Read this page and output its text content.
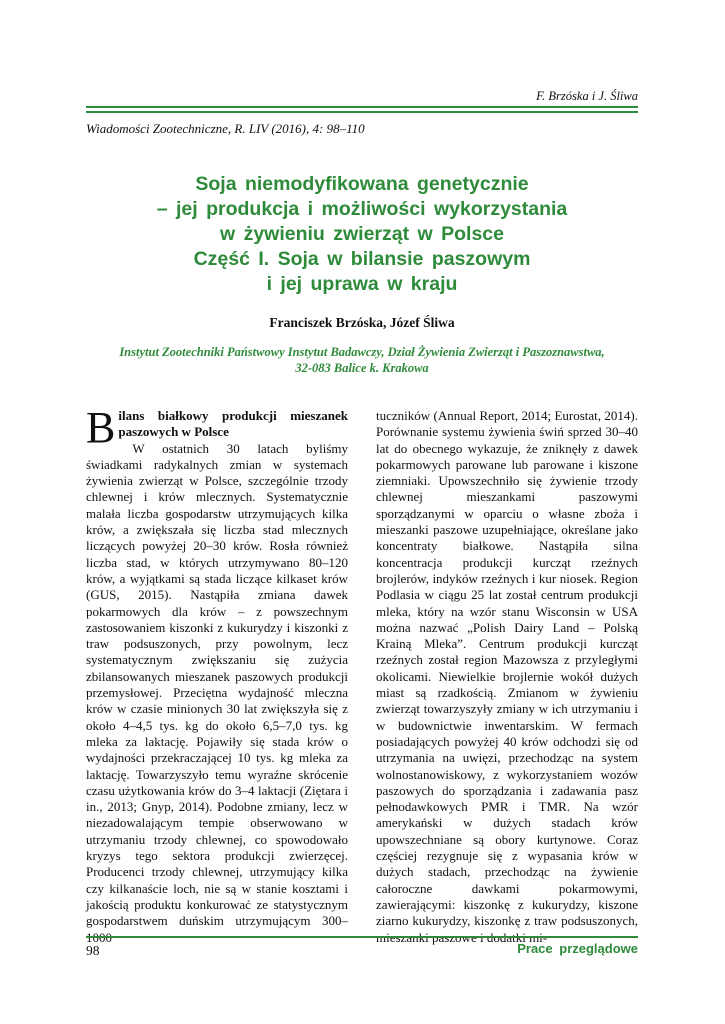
F. Brzóska i J. Śliwa
Wiadomości Zootechniczne, R. LIV (2016), 4: 98–110
Soja niemodyfikowana genetycznie
– jej produkcja i możliwości wykorzystania
w żywieniu zwierząt w Polsce
Część I. Soja w bilansie paszowym
i jej uprawa w kraju
Franciszek Brzóska, Józef Śliwa
Instytut Zootechniki Państwowy Instytut Badawczy, Dział Żywienia Zwierząt i Paszoznawstwa,
32-083 Balice k. Krakowa
B ilans białkowy produkcji mieszanek paszowych w Polsce

W ostatnich 30 latach byliśmy świadkami radykalnych zmian w systemach żywienia zwierząt w Polsce, szczególnie trzody chlewnej i krów mlecznych. Systematycznie malała liczba gospodarstw utrzymujących kilka krów, a zwiększała się liczba stad mlecznych liczących powyżej 20–30 krów. Rosła również liczba stad, w których utrzymywano 80–120 krów, a wyjątkami są stada liczące kilkaset krów (GUS, 2015). Nastąpiła zmiana dawek pokarmowych dla krów – z powszechnym zastosowaniem kiszonki z kukurydzy i kiszonki z traw podsuszonych, przy powolnym, lecz systematycznym zwiększaniu się zużycia zbilansowanych mieszanek paszowych produkcji przemysłowej. Przeciętna wydajność mleczna krów w czasie minionych 30 lat zwiększyła się z około 4–4,5 tys. kg do około 6,5–7,0 tys. kg mleka za laktację. Pojawiły się stada krów o wydajności przekraczającej 10 tys. kg mleka za laktację. Towarzyszyło temu wyraźne skrócenie czasu użytkowania krów do 3–4 laktacji (Ziętara i in., 2013; Gnyp, 2014). Podobne zmiany, lecz w niezadowalającym tempie obserwowano w utrzymaniu trzody chlewnej, co spowodowało kryzys tego sektora produkcji zwierzęcej. Producenci trzody chlewnej, utrzymujący kilka czy kilkanaście loch, nie są w stanie kosztami i jakością produktu konkurować ze statystycznym gospodarstwem duńskim utrzymującym 300–

tuczników (Annual Report, 2014; Eurostat, 2014). Porównanie systemu żywienia świń sprzed 30–40 lat do obecnego wykazuje, że zniknęły z dawek pokarmowych parowane lub parowane i kiszone ziemniaki. Upowszechniło się żywienie trzody chlewnej mieszankami paszowymi sporządzanymi w oparciu o własne zboża i mieszanki paszowe uzupełniające, określane jako koncentraty białkowe. Nastąpiła silna koncentracja produkcji kurcząt rzeźnych brojlerów, indyków rzeźnych i kur niosek. Region Podlasia w ciągu 25 lat został centrum produkcji mleka, który na wzór stanu Wisconsin w USA można nazwać „Polish Dairy Land – Polską Krainą Mleka”. Centrum produkcji kurcząt rzeźnych został region Mazowsza z przyległymi okolicami. Niewielkie brojlernie wokół dużych miast są rzadkością. Zmianom w żywieniu zwierząt towarzyszyły zmiany w ich utrzymaniu i w budownictwie inwentarskim. W fermach posiadających powyżej 40 krów odchodzi się od utrzymania na uwięzi, przechodząc na system wolnostanowiskowy, z wykorzystaniem wozów paszowych do sporządzania i zadawania pasz pełnodawkowych PMR i TMR. Na wzór amerykański w dużych stadach krów upowszechniane są obory kurtynowe. Coraz częściej rezygnuje się z wypasania krów w dużych stadach, przechodząc na żywienie całoroczne dawkami pokarmowymi, zawierającymi: kiszonkę z kukurydzy, kiszone ziarno kukurydzy, kiszonkę z traw podsuszonych,

98	Prace przeglądowe
